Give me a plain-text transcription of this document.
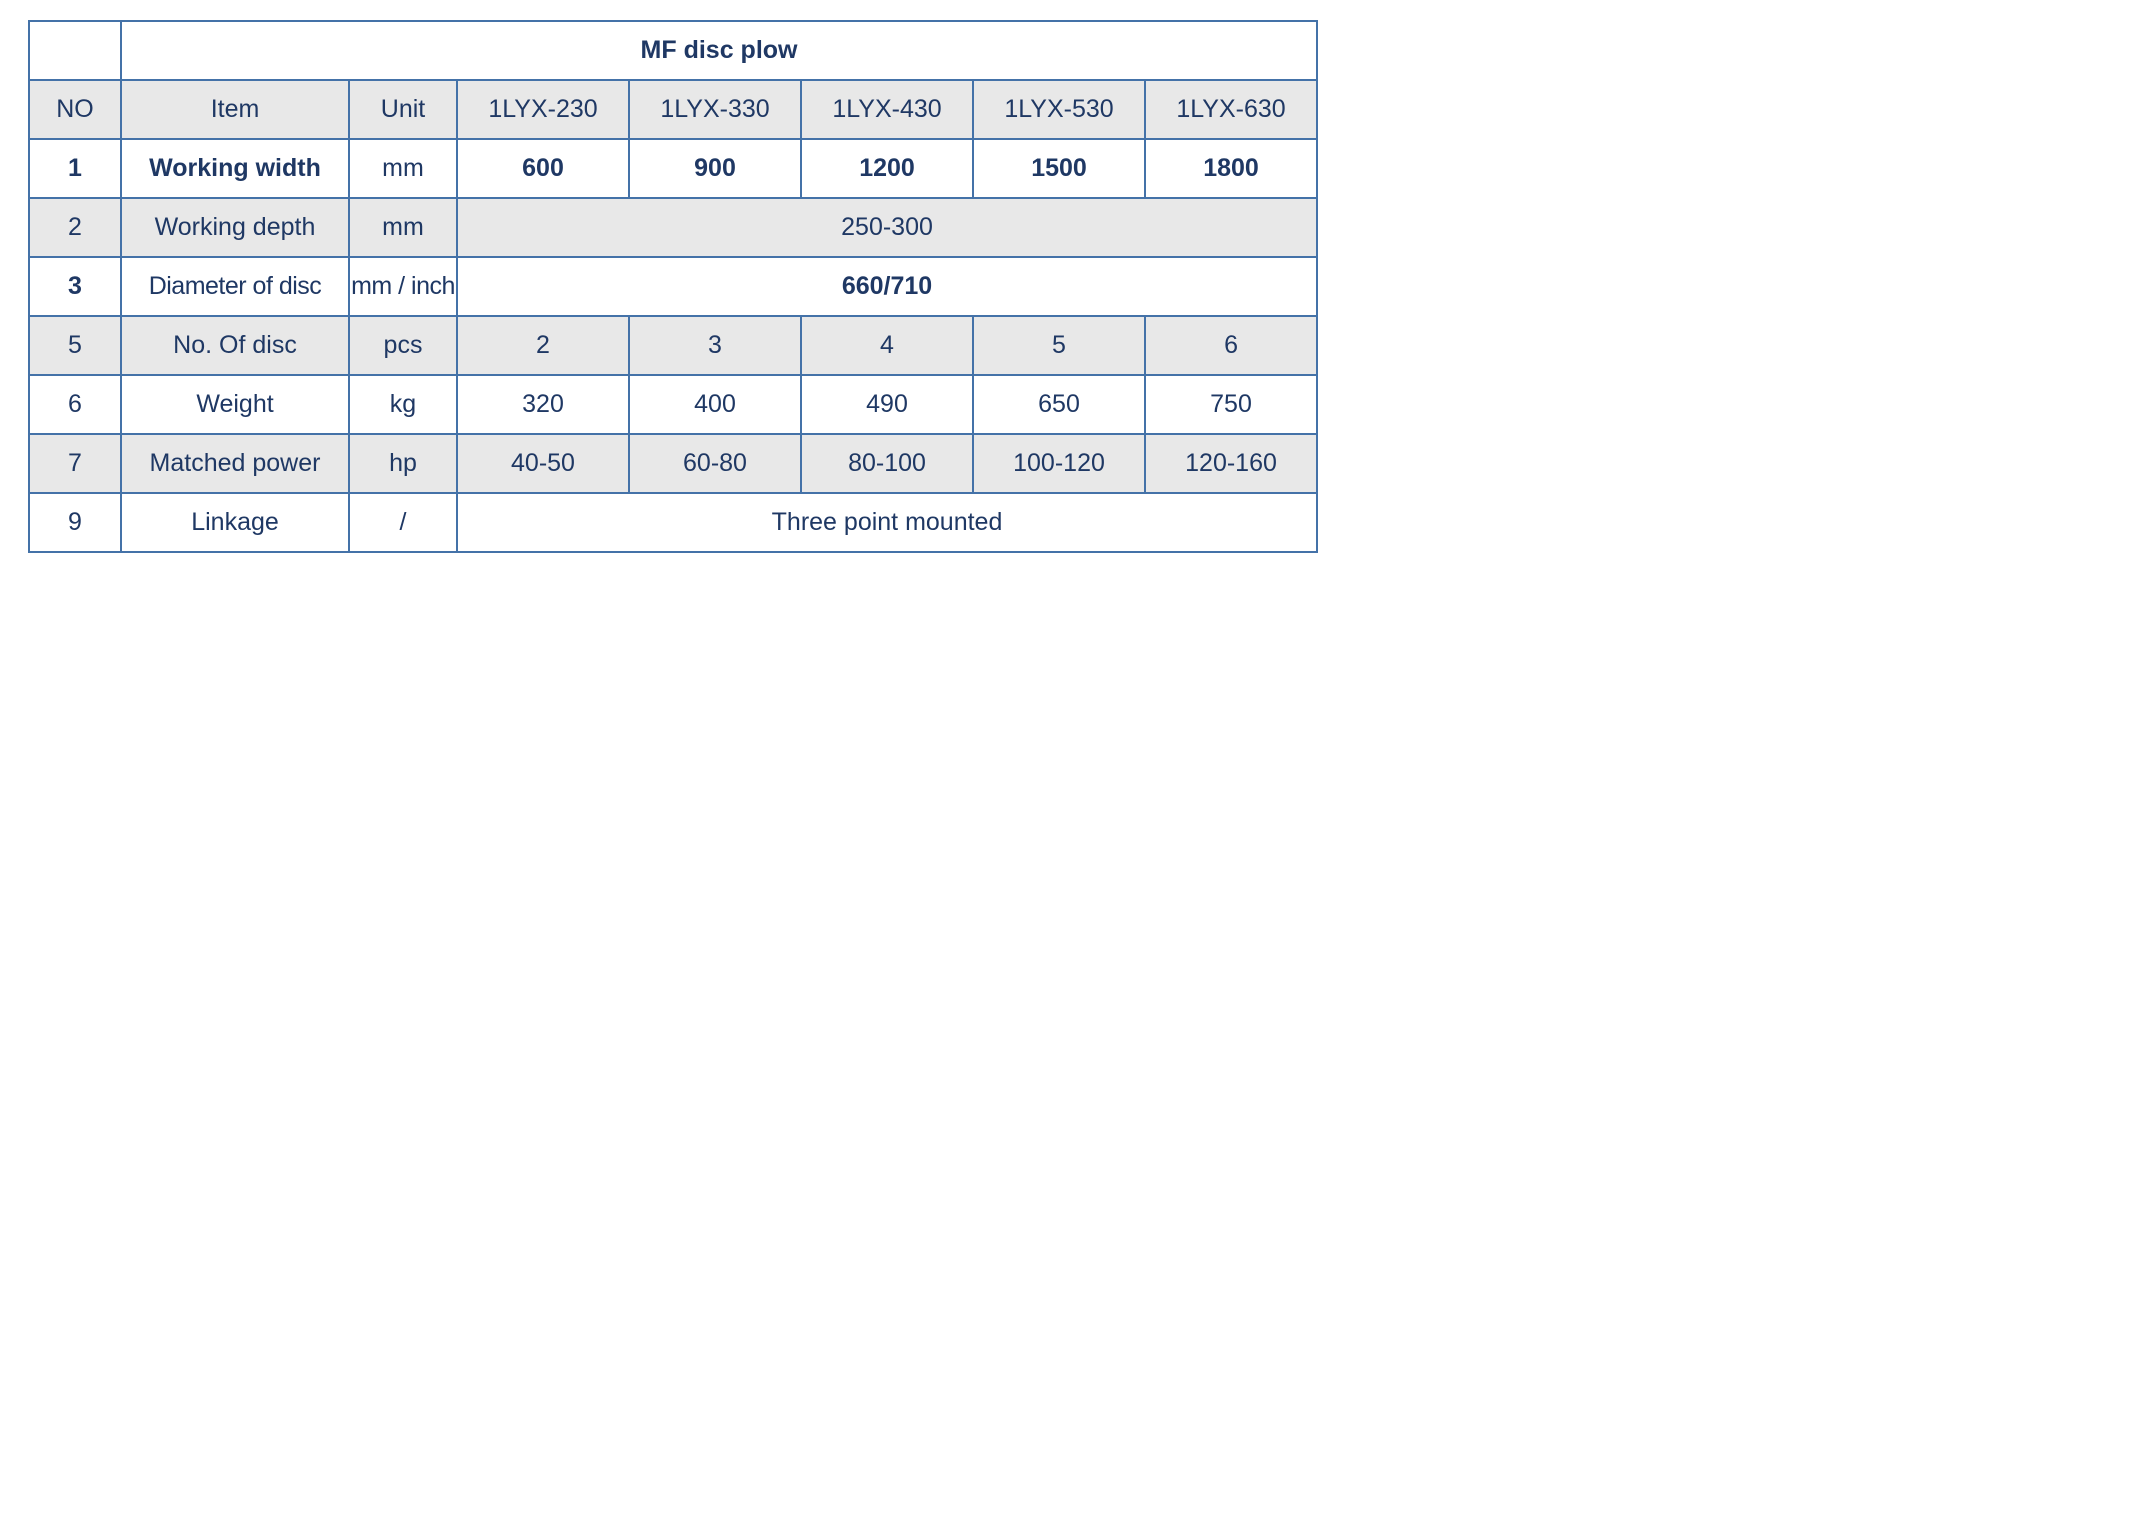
	MF disc plow						
NO	Item	Unit	1LYX-230	1LYX-330	1LYX-430	1LYX-530	1LYX-630
1	Working width	mm	600	900	1200	1500	1800
2	Working depth	mm	250-300				
3	Diameter of disc	mm / inch	660/710				
5	No. Of disc	pcs	2	3	4	5	6
6	Weight	kg	320	400	490	650	750
7	Matched power	hp	40-50	60-80	80-100	100-120	120-160
9	Linkage	/	Three point mounted				
